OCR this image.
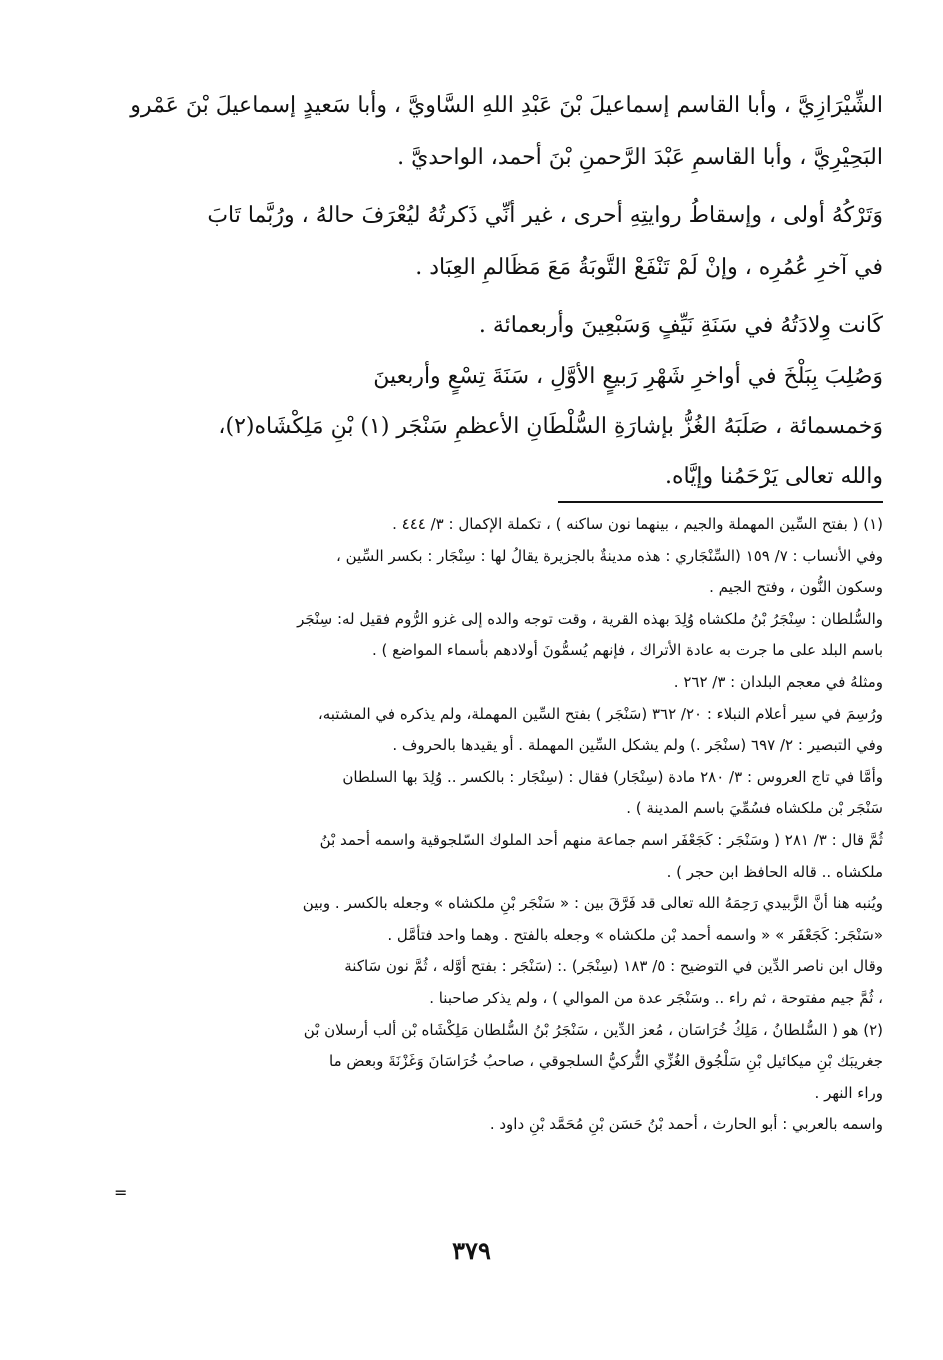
الشِّيْرَازِيَّ ، وأبا القاسم إسماعيلَ بْنَ عَبْدِ اللهِ السَّاويَّ ، وأبا سَعيدٍ إسماعيلَ بْنَ عَمْرو
البَحِيْرِيَّ ، وأبا القاسمِ عَبْدَ الرَّحمنِ بْنَ أحمد، الواحديَّ .
وَتَرْكُهُ أولى ، وإسقاطُ روايتِهِ أحرى ، غير أنِّي ذَكرتُهُ ليُعْرَفَ حالهُ ، ورُبَّما تَابَ
في آخرِ عُمُرِه ، وإنْ لَمْ تَنْفَعْ التَّوبَةُ مَعَ مَظَالمِ العِبَاد .
كَانت وِلادَتُهُ في سَنَةِ نَيِّفٍ وَسَبْعِينَ وأربعمائة .
وَصُلِبَ بِبَلْخَ في أواخرِ شَهْرِ رَبيعٍ الأوَّلِ ، سَنَةَ تِسْعٍ وأربعينَ
وَخمسمائة ، صَلَبَهُ الغُزُّ بإشارَةِ السُّلْطَانِ الأعظمِ سَنْجَر (١) بْنِ مَلِكْشَاه(٢)،
والله تعالى يَرْحَمُنا وإيَّاه.
(١) ( بفتح السِّين المهملة والجيم ، بينهما نون ساكنه ) ، تكملة الإكمال : ٣/ ٤٤٤ .
وفي الأنساب : ٧/ ١٥٩ (السِّنْجَاري : هذه مدينةٌ بالجزيرة يقالُ لها : سِنْجَار : بكسر السِّين ،
وسكون النُّون ، وفتح الجيم .
والسُّلطان : سِنْجَرُ بْنُ ملكشاه وُلِدَ بهذه القرية ، وقت توجه والده إلى غزو الرُّوم فقيل له: سِنْجَر
باسم البلد على ما جرت به عادة الأتراك ، فإنهم يُسمُّونَ أولادهم بأسماء المواضع ) .
ومثلهُ في معجم البلدان : ٣/ ٢٦٢ .
ورُسِمَ في سير أعلام النبلاء : ٢٠/ ٣٦٢ (سَنْجَر ) بفتح السِّين المهملة، ولم يذكره في المشتبه،
وفي التبصير : ٢/ ٦٩٧ (سنْجَر .) ولم يشكل السِّين المهملة . أو يقيدها بالحروف .
وأمَّا في تاج العروس : ٣/ ٢٨٠ مادة (سِنْجَار) فقال : (سِنْجَار : بالكسر .. وُلِدَ بها السلطان
سَنْجَر بْن ملكشاه فسُمِّيَ باسم المدينة ) .
ثُمَّ قال : ٣/ ٢٨١ ( وسَنْجَر : كَجَعْفَر اسم جماعة منهم أحد الملوك السّلجوقية واسمه أحمد بْنُ
ملكشاه .. قاله الحافظ ابن حجر ) .
ويُنبه هنا أنَّ الزَّبيدي رَحِمَهُ الله تعالى قد فَرَّقَ بين : « سَنْجَر بْنِ ملكشاه » وجعله بالكسر . وبين
«سَنْجَر: كَجَعْفَر » « واسمه أحمد بْن ملكشاه » وجعله بالفتح . وهما واحد فتأمَّل .
وقال ابن ناصر الدِّين في التوضيح : ٥/ ١٨٣ (سِنْجَر) .: (سَنْجَر : بفتح أوَّله ، ثُمَّ نون سَاكنة
، ثُمَّ جيم مفتوحة ، ثم راء .. وسَنْجَر عدة من الموالي ) ، ولم يذكر صاحبنا .
(٢) هو ( السُّلطانُ ، مَلِكُ خُرَاسَان ، مُعز الدِّين ، سَنْجَرُ بْنُ السُّلطان مَلِكْشَاه بْن ألب أرسلان بْن
جغريبَك بْنِ ميكائيل بْنِ سَلْجُوق الغُزِّي التُّركيُّ السلجوقي ، صاحبُ خُرَاسَانَ وَغَزْنَةَ وبعض ما
وراء النهر .
واسمه بالعربي : أبو الحارث ، أحمد بْنُ حَسَن بْنِ مُحَمَّد بْنِ داود .
=
٣٧٩
